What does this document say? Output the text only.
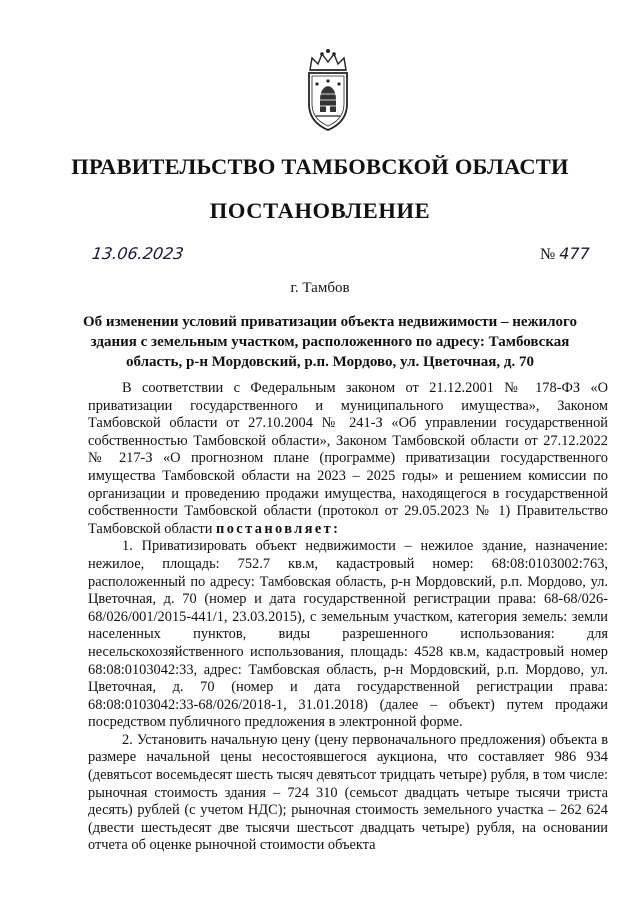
ПРАВИТЕЛЬСТВО ТАМБОВСКОЙ ОБЛАСТИ
ПОСТАНОВЛЕНИЕ
13.06.2023	№ 477
г. Тамбов
Об изменении условий приватизации объекта недвижимости – нежилого здания с земельным участком, расположенного по адресу: Тамбовская область, р-н Мордовский, р.п. Мордово, ул. Цветочная, д. 70

В соответствии с Федеральным законом от 21.12.2001 № 178-ФЗ «О приватизации государственного и муниципального имущества», Законом Тамбовской области от 27.10.2004 № 241-З «Об управлении государственной собственностью Тамбовской области», Законом Тамбовской области от 27.12.2022 № 217-З «О прогнозном плане (программе) приватизации государственного имущества Тамбовской области на 2023 – 2025 годы» и решением комиссии по организации и проведению продажи имущества, находящегося в государственной собственности Тамбовской области (протокол от 29.05.2023 № 1) Правительство Тамбовской области постановляет:

1. Приватизировать объект недвижимости – нежилое здание, назначение: нежилое, площадь: 752.7 кв.м, кадастровый номер: 68:08:0103002:763, расположенный по адресу: Тамбовская область, р-н Мордовский, р.п. Мордово, ул. Цветочная, д. 70 (номер и дата государственной регистрации права: 68-68/026-68/026/001/2015-441/1, 23.03.2015), с земельным участком, категория земель: земли населенных пунктов, виды разрешенного использования: для несельскохозяйственного использования, площадь: 4528 кв.м, кадастровый номер 68:08:0103042:33, адрес: Тамбовская область, р-н Мордовский, р.п. Мордово, ул. Цветочная, д. 70 (номер и дата государственной регистрации права: 68:08:0103042:33-68/026/2018-1, 31.01.2018) (далее – объект) путем продажи посредством публичного предложения в электронной форме.

2. Установить начальную цену (цену первоначального предложения) объекта в размере начальной цены несостоявшегося аукциона, что составляет 986 934 (девятьсот восемьдесят шесть тысяч девятьсот тридцать четыре) рубля, в том числе: рыночная стоимость здания – 724 310 (семьсот двадцать четыре тысячи триста десять) рублей (с учетом НДС); рыночная стоимость земельного участка – 262 624 (двести шестьдесят две тысячи шестьсот двадцать четыре) рубля, на основании отчета об оценке рыночной стоимости объекта
